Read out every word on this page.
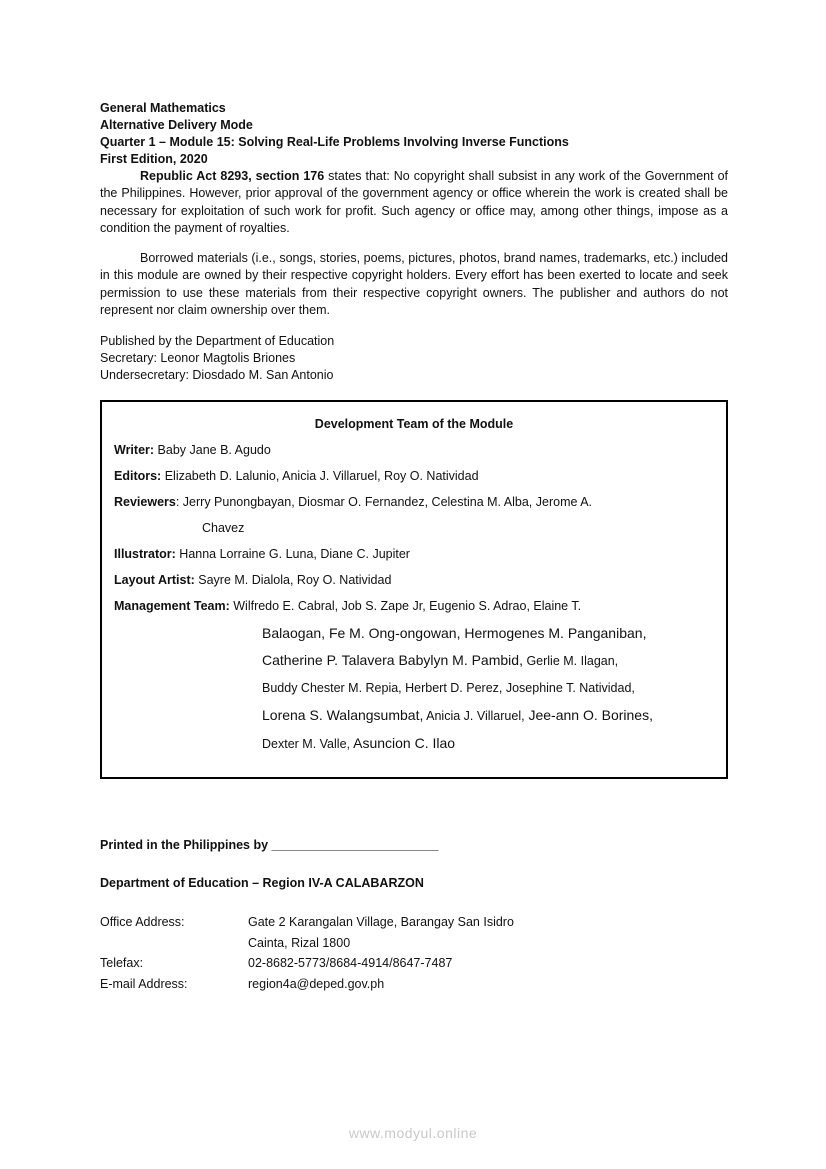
General Mathematics
Alternative Delivery Mode
Quarter 1 – Module 15: Solving Real-Life Problems Involving Inverse Functions
First Edition, 2020

Republic Act 8293, section 176 states that: No copyright shall subsist in any work of the Government of the Philippines. However, prior approval of the government agency or office wherein the work is created shall be necessary for exploitation of such work for profit. Such agency or office may, among other things, impose as a condition the payment of royalties.

Borrowed materials (i.e., songs, stories, poems, pictures, photos, brand names, trademarks, etc.) included in this module are owned by their respective copyright holders. Every effort has been exerted to locate and seek permission to use these materials from their respective copyright owners. The publisher and authors do not represent nor claim ownership over them.

Published by the Department of Education
Secretary: Leonor Magtolis Briones
Undersecretary: Diosdado M. San Antonio
Development Team of the Module
Writer: Baby Jane B. Agudo
Editors: Elizabeth D. Lalunio, Anicia J. Villaruel, Roy O. Natividad
Reviewers: Jerry Punongbayan, Diosmar O. Fernandez, Celestina M. Alba, Jerome A.
Chavez
Illustrator: Hanna Lorraine G. Luna, Diane C. Jupiter
Layout Artist: Sayre M. Dialola, Roy O. Natividad
Management Team: Wilfredo E. Cabral, Job S. Zape Jr, Eugenio S. Adrao, Elaine T.
Balaogan, Fe M. Ong-ongowan, Hermogenes M. Panganiban,
Catherine P. Talavera Babylyn M. Pambid, Gerlie M. Ilagan,
Buddy Chester M. Repia, Herbert D. Perez, Josephine T. Natividad,
Lorena S. Walangsumbat, Anicia J. Villaruel, Jee-ann O. Borines,
Dexter M. Valle, Asuncion C. Ilao
Printed in the Philippines by ________________________
Department of Education – Region IV-A CALABARZON
Office Address:	Gate 2 Karangalan Village, Barangay San Isidro
Cainta, Rizal 1800
Telefax:	02-8682-5773/8684-4914/8647-7487
E-mail Address:	region4a@deped.gov.ph
www.modyul.online
